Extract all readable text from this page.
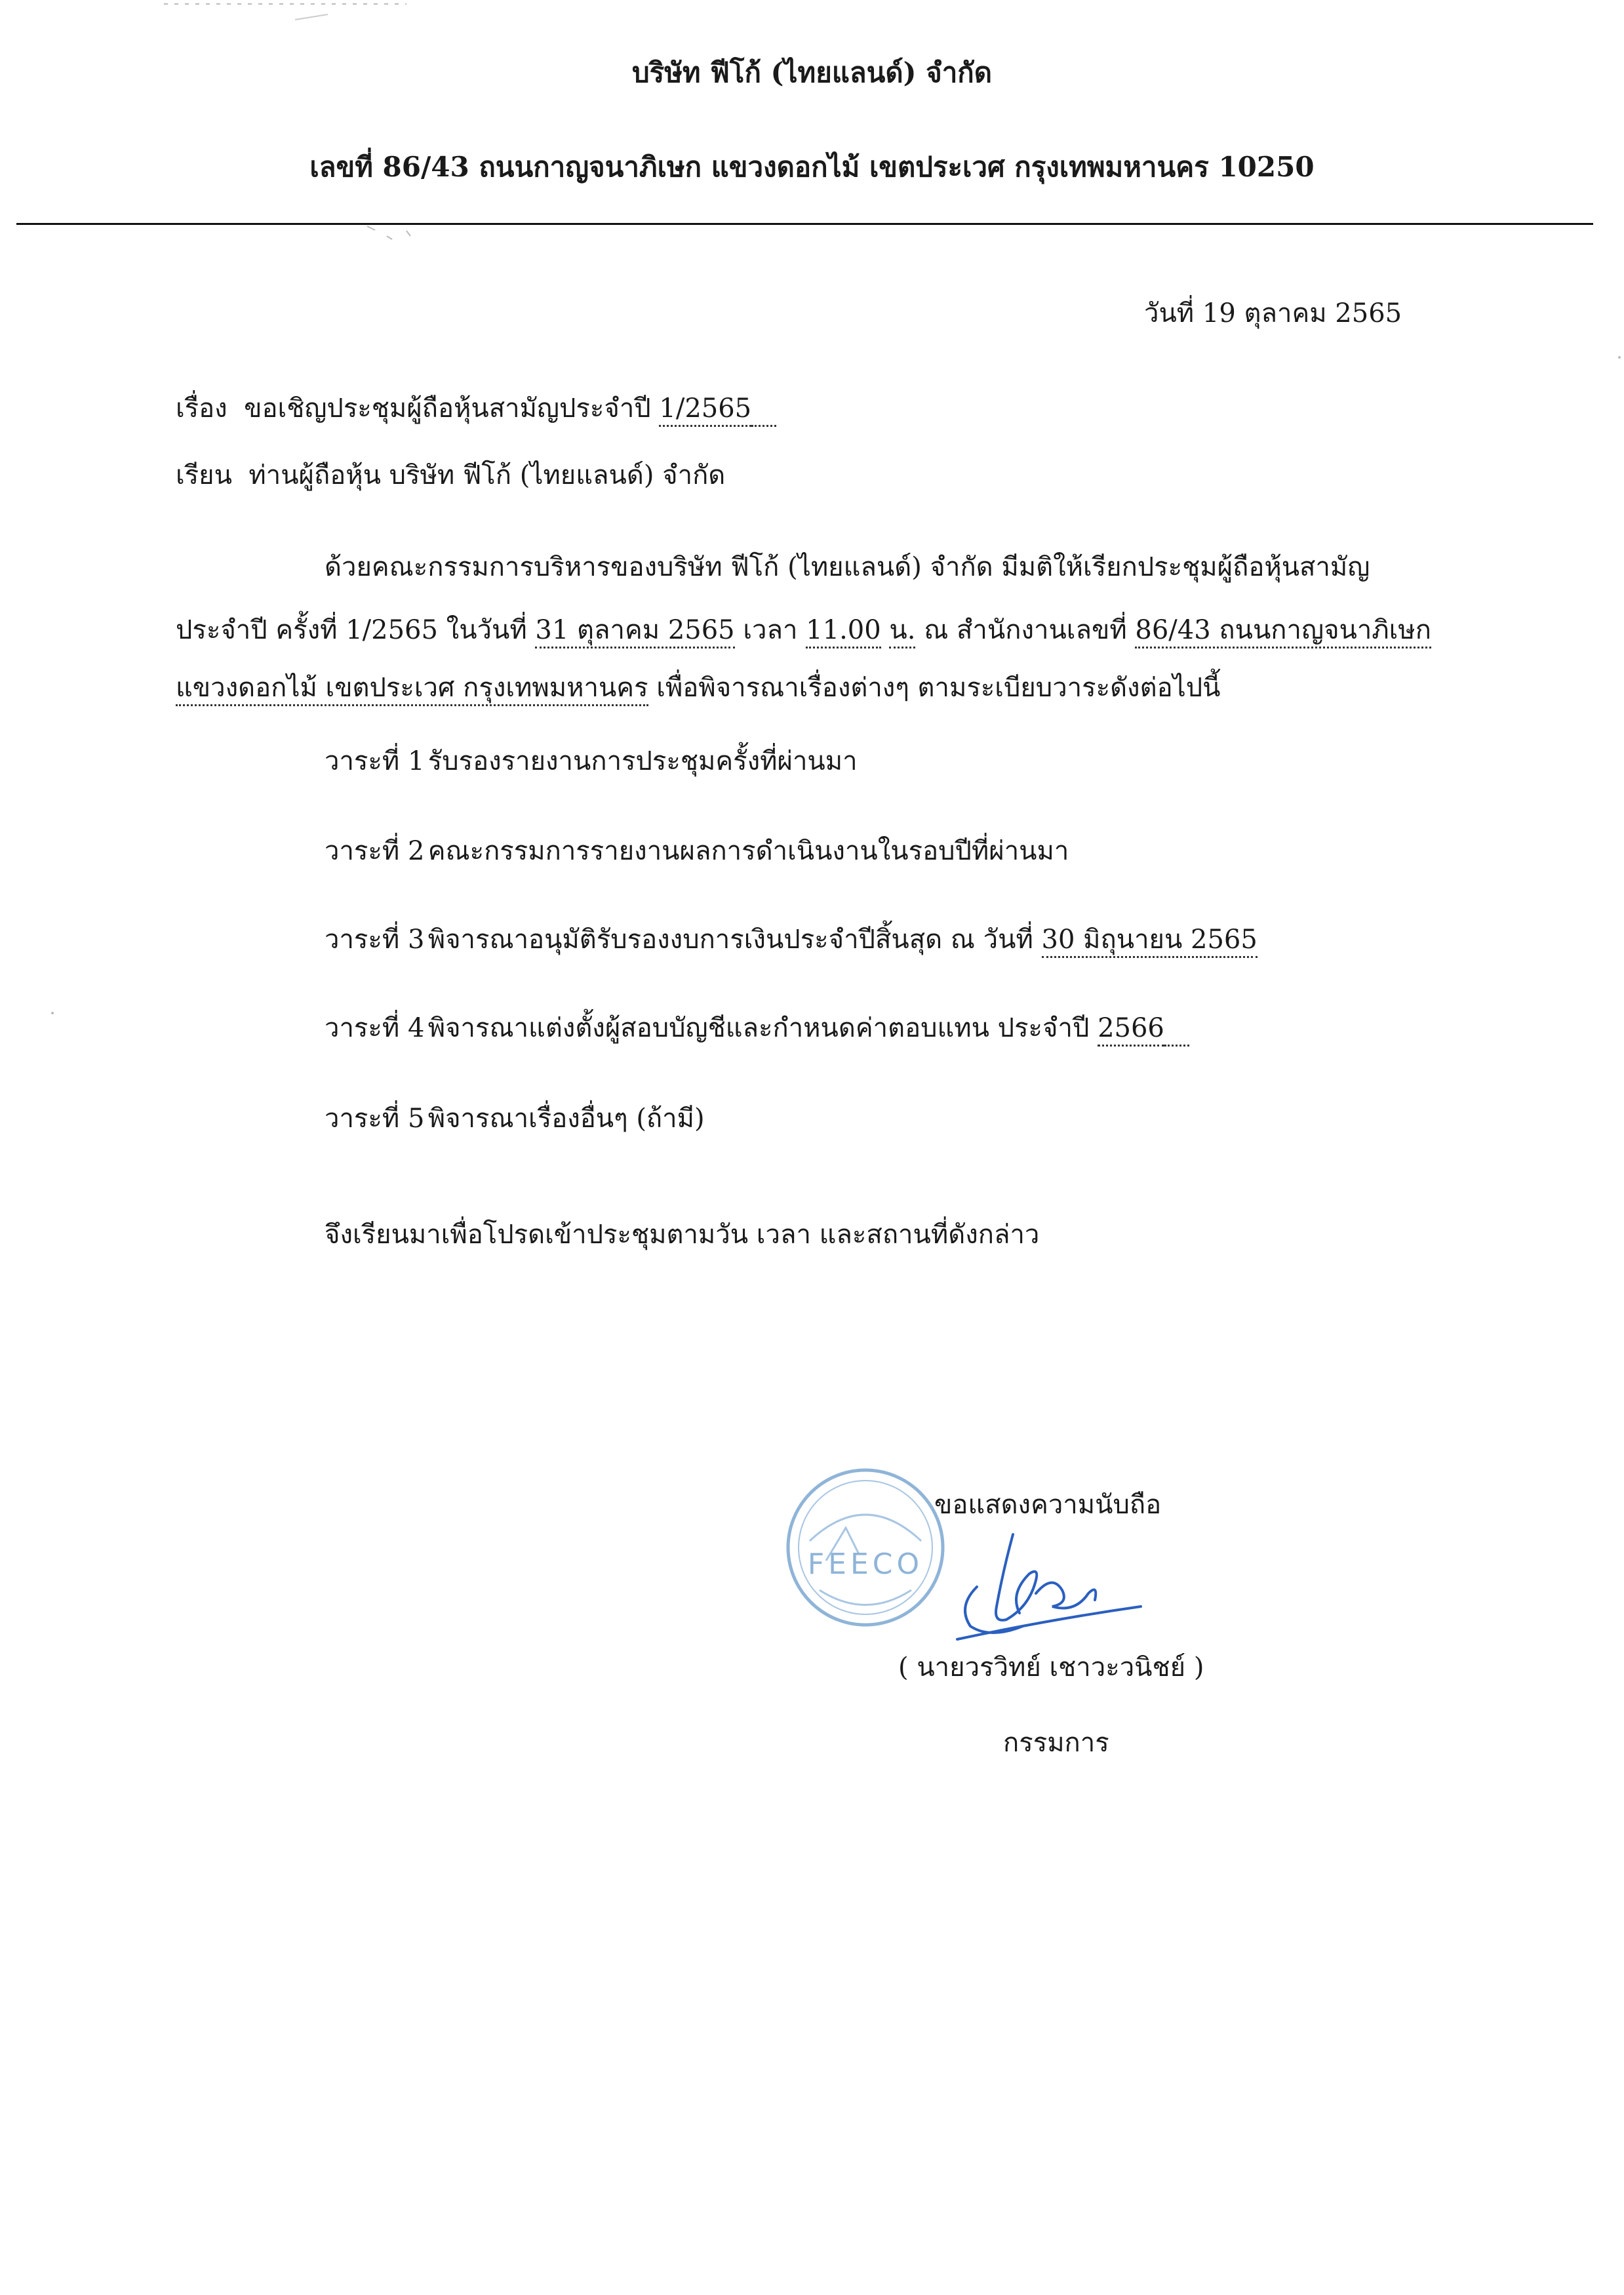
บริษัท ฟีโก้ (ไทยแลนด์) จำกัด
เลขที่ 86/43 ถนนกาญจนาภิเษก แขวงดอกไม้ เขตประเวศ กรุงเทพมหานคร 10250
วันที่ 19 ตุลาคม 2565
เรื่อง ขอเชิญประชุมผู้ถือหุ้นสามัญประจำปี 1/2565
เรียน ท่านผู้ถือหุ้น บริษัท ฟีโก้ (ไทยแลนด์) จำกัด
ด้วยคณะกรรมการบริหารของบริษัท ฟีโก้ (ไทยแลนด์) จำกัด มีมติให้เรียกประชุมผู้ถือหุ้นสามัญ
ประจำปี ครั้งที่ 1/2565 ในวันที่ 31 ตุลาคม 2565 เวลา 11.00 น. ณ สำนักงานเลขที่ 86/43 ถนนกาญจนาภิเษก
แขวงดอกไม้ เขตประเวศ กรุงเทพมหานคร เพื่อพิจารณาเรื่องต่างๆ ตามระเบียบวาระดังต่อไปนี้
วาระที่ 1 รับรองรายงานการประชุมครั้งที่ผ่านมา
วาระที่ 2 คณะกรรมการรายงานผลการดำเนินงานในรอบปีที่ผ่านมา
วาระที่ 3 พิจารณาอนุมัติรับรองงบการเงินประจำปีสิ้นสุด ณ วันที่ 30 มิถุนายน 2565
วาระที่ 4 พิจารณาแต่งตั้งผู้สอบบัญชีและกำหนดค่าตอบแทน ประจำปี 2566
วาระที่ 5 พิจารณาเรื่องอื่นๆ (ถ้ามี)
จึงเรียนมาเพื่อโปรดเข้าประชุมตามวัน เวลา และสถานที่ดังกล่าว
FEECO
ขอแสดงความนับถือ
( นายวรวิทย์ เชาวะวนิชย์ )
กรรมการ
